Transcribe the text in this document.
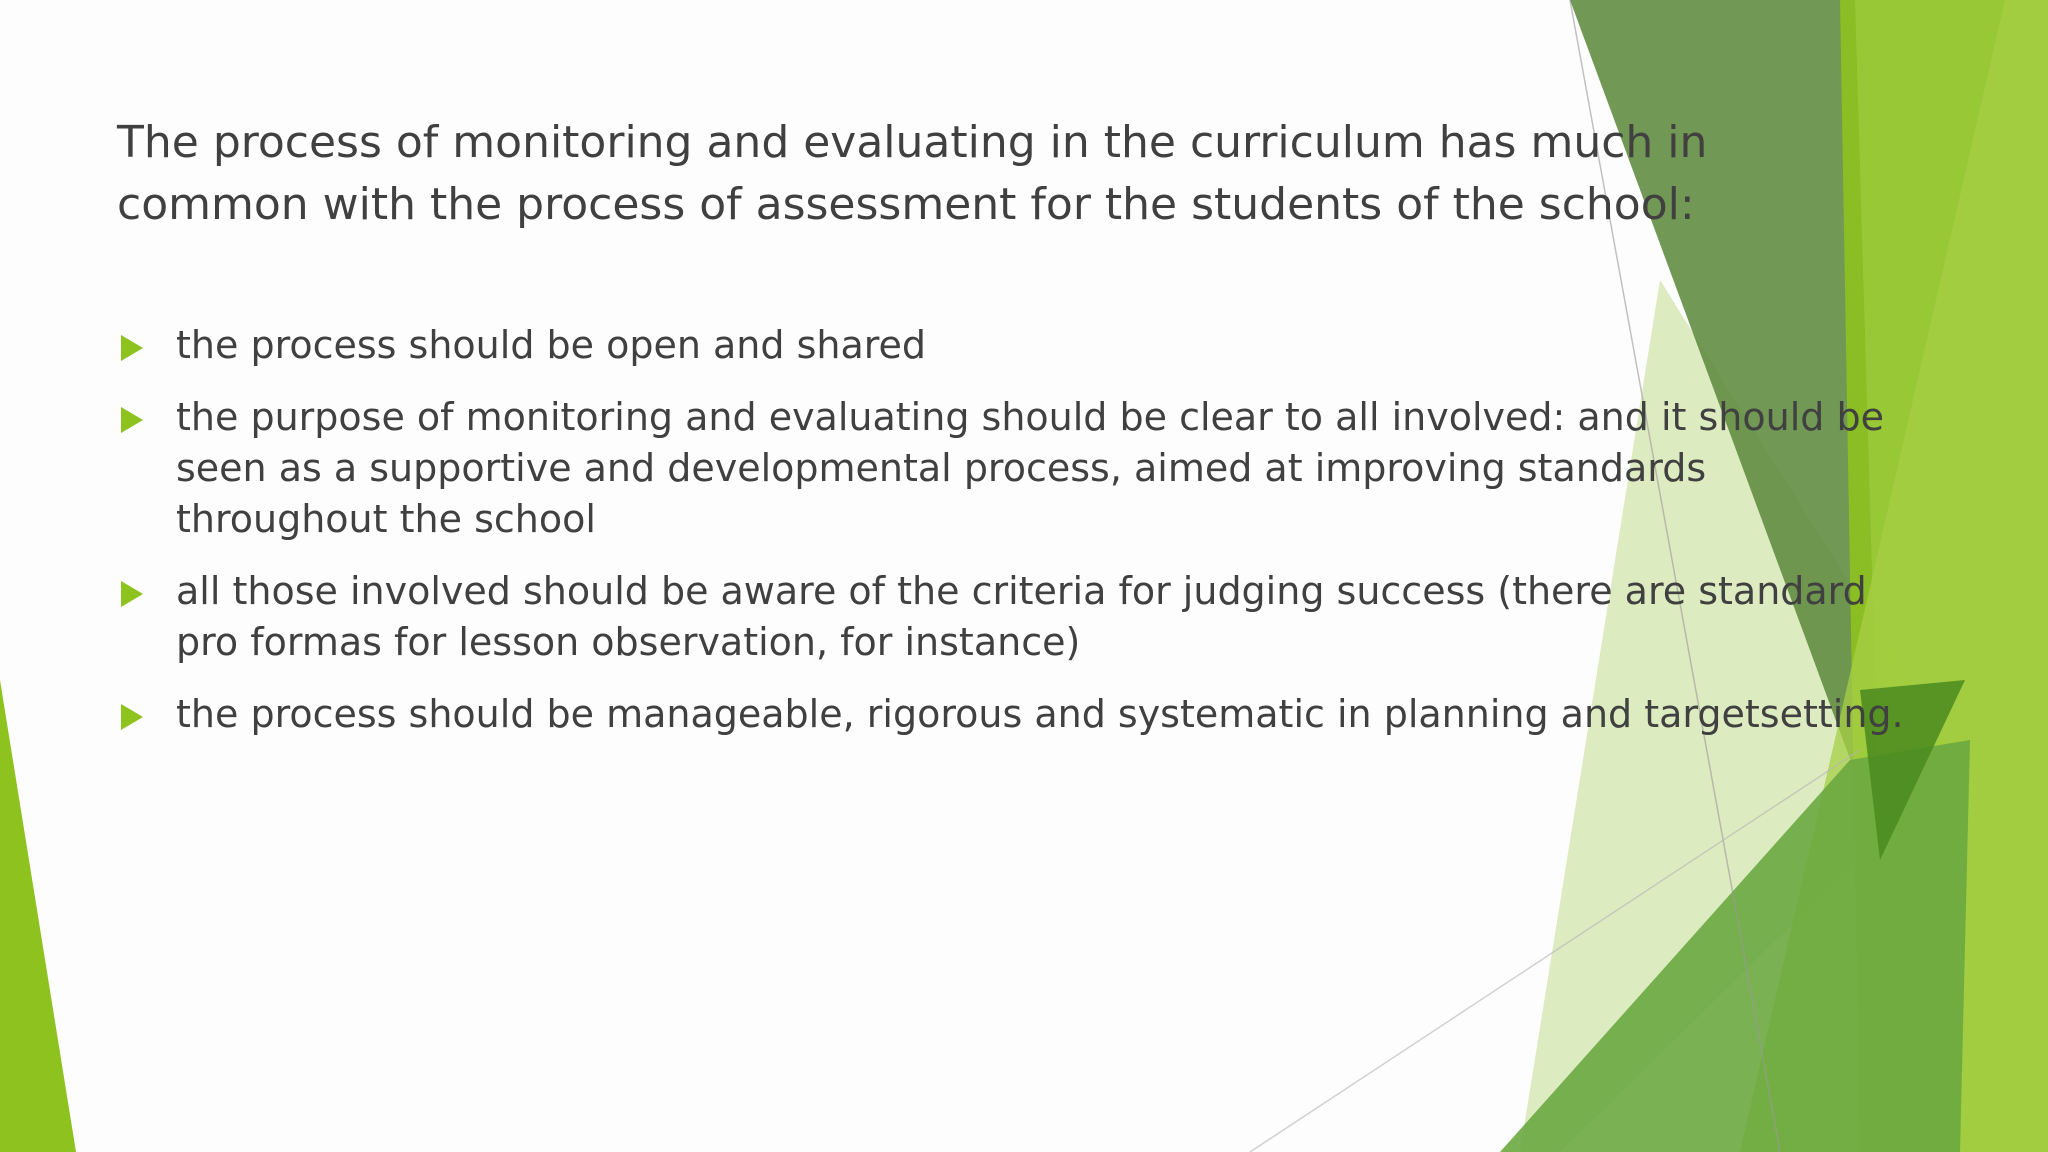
The process of monitoring and evaluating in the curriculum has much in common with the process of assessment for the students of the school:
the process should be open and shared
the purpose of monitoring and evaluating should be clear to all involved: and it should be seen as a supportive and developmental process, aimed at improving standards throughout the school
all those involved should be aware of the criteria for judging success (there are standard pro formas for lesson observation, for instance)
the process should be manageable, rigorous and systematic in planning and targetsetting.
